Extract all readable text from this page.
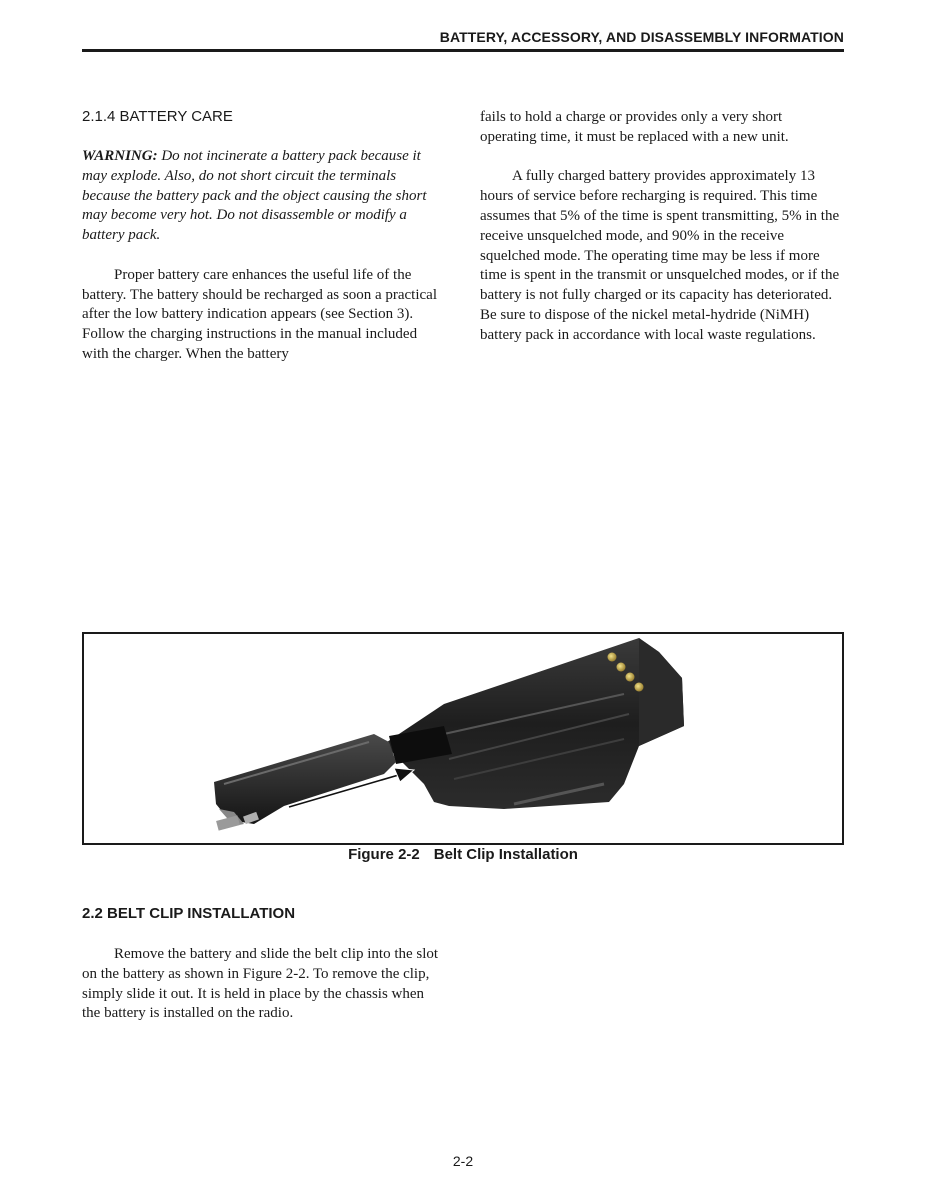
BATTERY, ACCESSORY, AND DISASSEMBLY INFORMATION
2.1.4 BATTERY CARE

WARNING: Do not incinerate a battery pack because it may explode. Also, do not short circuit the terminals because the battery pack and the object causing the short may become very hot. Do not disassemble or modify a battery pack.

Proper battery care enhances the useful life of the battery. The battery should be recharged as soon a practical after the low battery indication appears (see Section 3). Follow the charging instructions in the manual included with the charger. When the battery

fails to hold a charge or provides only a very short operating time, it must be replaced with a new unit.

A fully charged battery provides approximately 13 hours of service before recharging is required. This time assumes that 5% of the time is spent transmitting, 5% in the receive unsquelched mode, and 90% in the receive squelched mode. The operating time may be less if more time is spent in the transmit or unsquelched modes, or if the battery is not fully charged or its capacity has deteriorated. Be sure to dispose of the nickel metal-hydride (NiMH) battery pack in accordance with local waste regulations.

Figure 2-2 Belt Clip Installation
2.2 BELT CLIP INSTALLATION

Remove the battery and slide the belt clip into the slot on the battery as shown in Figure 2-2. To remove the clip, simply slide it out. It is held in place by the chassis when the battery is installed on the radio.

2-2
